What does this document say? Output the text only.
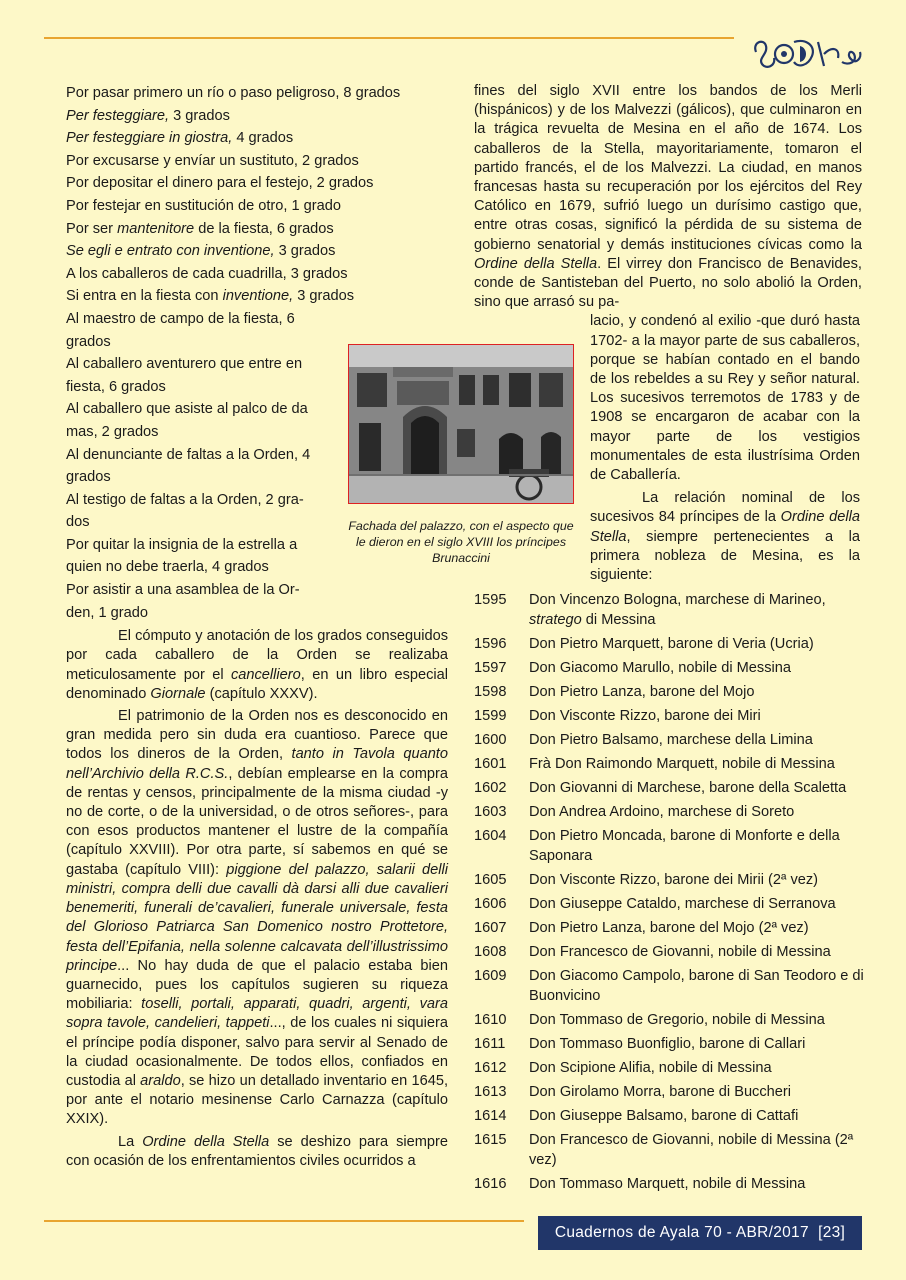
Por pasar primero un río o paso peligroso, 8 grados
Per festeggiare, 3 grados
Per festeggiare in giostra, 4 grados
Por excusarse y envíar un sustituto, 2 grados
Por depositar el dinero para el festejo, 2 grados
Por festejar en sustitución de otro, 1 grado
Por ser mantenitore de la fiesta, 6 grados
Se egli e entrato con inventione, 3 grados
A los caballeros de cada cuadrilla, 3 grados
Si entra en la fiesta con inventione, 3 grados
Al maestro de campo de la fiesta, 6
grados
Al caballero aventurero que entre en
fiesta, 6 grados
Al caballero que asiste al palco de da
mas, 2 grados
Al denunciante de faltas a la Orden, 4
grados
Al testigo de faltas a la Orden, 2 gra-
dos
Por quitar la insignia de la estrella a
quien no debe traerla, 4 grados
Por asistir a una asamblea de la Or-
den, 1 grado

El cómputo y anotación de los grados conseguidos por cada caballero de la Orden se realizaba meticulosamente por el cancelliero, en un libro especial denominado Giornale (capítulo XXXV).

El patrimonio de la Orden nos es desconocido en gran medida pero sin duda era cuantioso. Parece que todos los dineros de la Orden, tanto in Tavola quanto nell’Archivio della R.C.S., debían emplearse en la compra de rentas y censos, principalmente de la misma ciudad -y no de corte, o de la universidad, o de otros señores-, para con esos productos mantener el lustre de la compañía (capítulo XXVIII). Por otra parte, sí sabemos en qué se gastaba (capítulo VIII): piggione del palazzo, salarii delli ministri, compra delli due cavalli dà darsi alli due cavalieri benemeriti, funerali de’cavalieri, funerale universale, festa del Glorioso Patriarca San Domenico nostro Prottetore, festa dell’Epifania, nella solenne calcavata dell’illustrissimo principe... No hay duda de que el palacio estaba bien guarnecido, pues los capítulos sugieren su riqueza mobiliaria: toselli, portali, apparati, quadri, argenti, vara sopra tavole, candelieri, tappeti..., de los cuales ni siquiera el príncipe podía disponer, salvo para servir al Senado de la ciudad ocasionalmente. De todos ellos, confiados en custodia al araldo, se hizo un detallado inventario en 1645, por ante el notario mesinense Carlo Carnazza (capítulo XXIX).

La Ordine della Stella se deshizo para siempre con ocasión de los enfrentamientos civiles ocurridos a

Fachada del palazzo, con el aspecto que le dieron en el siglo XVIII los príncipes Brunaccini

fines del siglo XVII entre los bandos de los Merli (hispánicos) y de los Malvezzi (gálicos), que culminaron en la trágica revuelta de Mesina en el año de 1674. Los caballeros de la Stella, mayoritariamente, tomaron el partido francés, el de los Malvezzi. La ciudad, en manos francesas hasta su recuperación por los ejércitos del Rey Católico en 1679, sufrió luego un durísimo castigo que, entre otras cosas, significó la pérdida de su sistema de gobierno senatorial y demás instituciones cívicas como la Ordine della Stella. El virrey don Francisco de Benavides, conde de Santisteban del Puerto, no solo abolió la Orden, sino que arrasó su pa-

lacio, y condenó al exilio -que duró hasta 1702- a la mayor parte de sus caballeros, porque se habían contado en el bando de los rebeldes a su Rey y señor natural. Los sucesivos terremotos de 1783 y de 1908 se encargaron de acabar con la mayor parte de los vestigios monumentales de esta ilustrísima Orden de Caballería.

La relación nominal de los sucesivos 84 príncipes de la Ordine della Stella, siempre pertenecientes a la primera nobleza de Mesina, es la siguiente:

1595	Don Vincenzo Bologna, marchese di Marineo, stratego di Messina
1596	Don Pietro Marquett, barone di Veria (Ucria)
1597	Don Giacomo Marullo, nobile di Messina
1598	Don Pietro Lanza, barone del Mojo
1599	Don Visconte Rizzo, barone dei Miri
1600	Don Pietro Balsamo, marchese della Limina
1601	Frà Don Raimondo Marquett, nobile di Messina
1602	Don Giovanni di Marchese, barone della Scaletta
1603	Don Andrea Ardoino, marchese di Soreto
1604	Don Pietro Moncada, barone di Monforte e della Saponara
1605	Don Visconte Rizzo, barone dei Mirii (2ª vez)
1606	Don Giuseppe Cataldo, marchese di Serranova
1607	Don Pietro Lanza, barone del Mojo (2ª vez)
1608	Don Francesco de Giovanni, nobile di Messina
1609	Don Giacomo Campolo, barone di San Teodoro e di Buonvicino
1610	Don Tommaso de Gregorio, nobile di Messina
1611	Don Tommaso Buonfiglio, barone di Callari
1612	Don Scipione Alifia, nobile di Messina
1613	Don Girolamo Morra, barone di Buccheri
1614	Don Giuseppe Balsamo, barone di Cattafi
1615	Don Francesco de Giovanni, nobile di Messina (2ª vez)
1616	Don Tommaso Marquett, nobile di Messina
Cuadernos de Ayala 70 - ABR/2017  [23]
